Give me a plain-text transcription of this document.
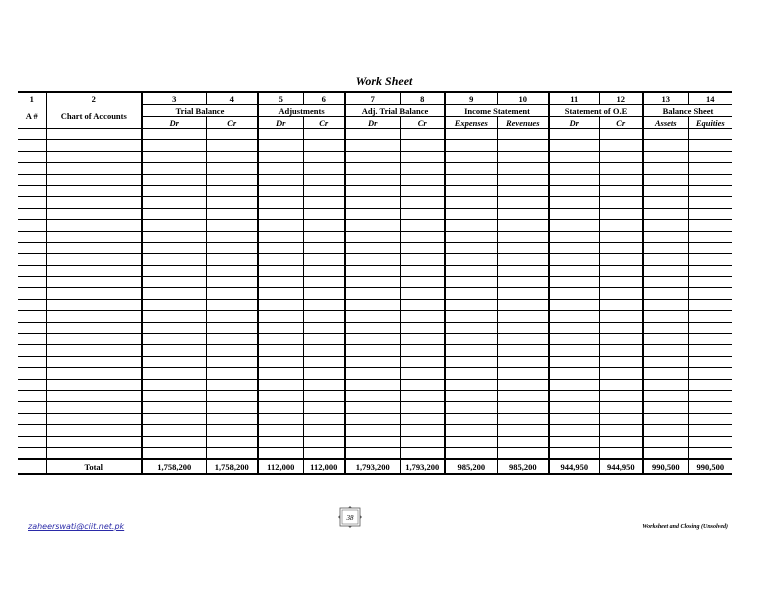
Work Sheet
1	2	3	4	5	6	7	8	9	10	11	12	13	14
A #	Chart of Accounts	Trial Balance		Adjustments		Adj. Trial Balance		Income Statement		Statement of O.E		Balance Sheet	
		Dr	Cr	Dr	Cr	Dr	Cr	Expenses	Revenues	Dr	Cr	Assets	Equities

	Total	1,758,200	1,758,200	112,000	112,000	1,793,200	1,793,200	985,200	985,200	944,950	944,950	990,500	990,500
zaheerswati@ciit.net.pk
38
Worksheet and Closing (Unsolved)
